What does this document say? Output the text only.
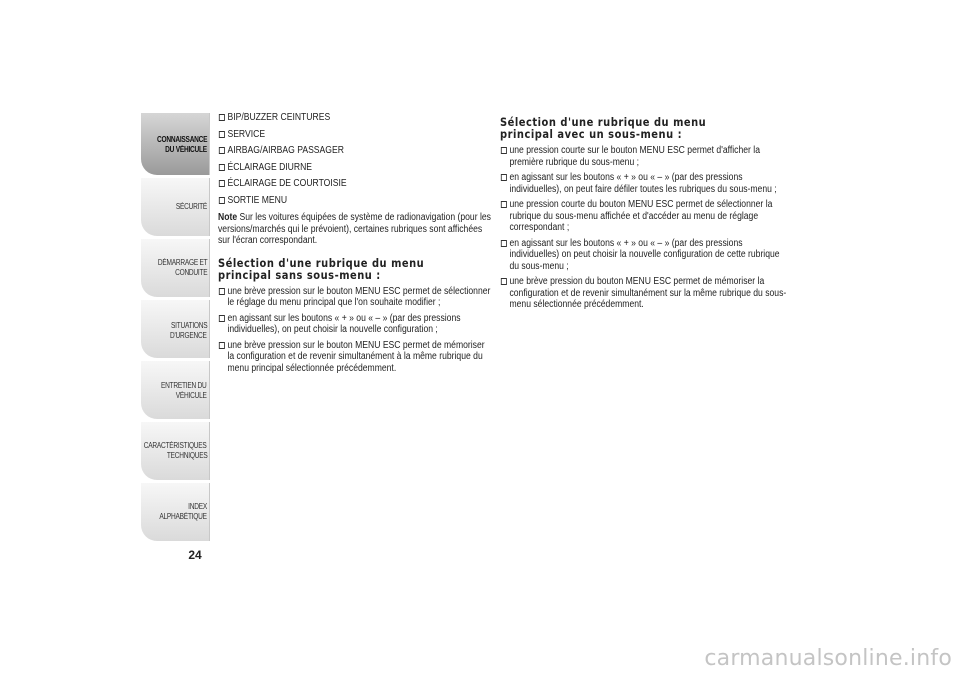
CONNAISSANCE
DU VÉHICULE
SÉCURITÉ
DÉMARRAGE ET
CONDUITE
SITUATIONS
D'URGENCE
ENTRETIEN DU
VÉHICULE
CARACTÉRISTIQUES
TECHNIQUES
INDEX
ALPHABÉTIQUE
24
BIP/BUZZER CEINTURES
SERVICE
AIRBAG/AIRBAG PASSAGER
ÉCLAIRAGE DIURNE
ÉCLAIRAGE DE COURTOISIE
SORTIE MENU

Note Sur les voitures équipées de système de radionavigation (pour les versions/marchés qui le prévoient), certaines rubriques sont affichées sur l'écran correspondant.

Sélection d'une rubrique du menu
principal sans sous-menu :
une brève pression sur le bouton MENU ESC permet de sélectionner le réglage du menu principal que l'on souhaite modifier ;
en agissant sur les boutons « + » ou « – » (par des pressions individuelles), on peut choisir la nouvelle configuration ;
une brève pression sur le bouton MENU ESC permet de mémoriser la configuration et de revenir simultanément à la même rubrique du menu principal sélectionnée précédemment.
Sélection d'une rubrique du menu
principal avec un sous-menu :
une pression courte sur le bouton MENU ESC permet d'afficher la première rubrique du sous-menu ;
en agissant sur les boutons « + » ou « – » (par des pressions individuelles), on peut faire défiler toutes les rubriques du sous-menu ;
une pression courte du bouton MENU ESC permet de sélectionner la rubrique du sous-menu affichée et d'accéder au menu de réglage correspondant ;
en agissant sur les boutons « + » ou « – » (par des pressions individuelles) on peut choisir la nouvelle configuration de cette rubrique du sous-menu ;
une brève pression du bouton MENU ESC permet de mémoriser la configuration et de revenir simultanément sur la même rubrique du sous-menu sélectionnée précédemment.
carmanualsonline.info
